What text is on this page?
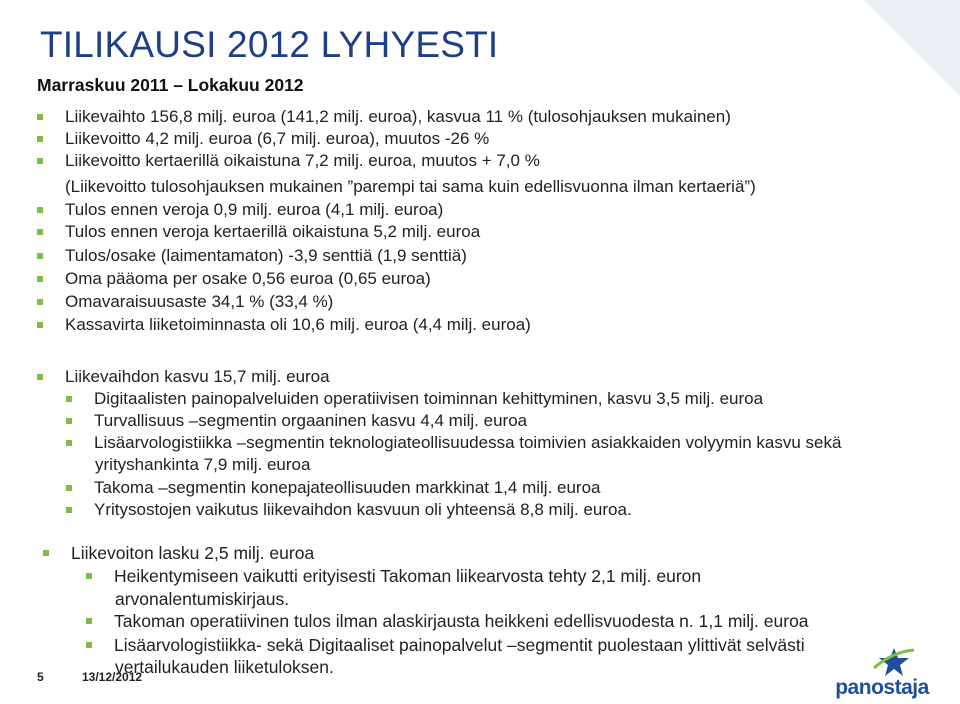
TILIKAUSI 2012 LYHYESTI
Marraskuu 2011 – Lokakuu 2012
Liikevaihto 156,8 milj. euroa (141,2 milj. euroa), kasvua 11 % (tulosohjauksen mukainen)
Liikevoitto 4,2 milj. euroa (6,7 milj. euroa), muutos -26 %
Liikevoitto kertaerillä oikaistuna 7,2 milj. euroa, muutos + 7,0 %
(Liikevoitto tulosohjauksen mukainen ”parempi tai sama kuin edellisvuonna ilman kertaeriä”)
Tulos ennen veroja 0,9 milj. euroa (4,1 milj. euroa)
Tulos ennen veroja kertaerillä oikaistuna 5,2 milj. euroa
Tulos/osake (laimentamaton) -3,9 senttiä (1,9 senttiä)
Oma pääoma per osake 0,56 euroa (0,65 euroa)
Omavaraisuusaste 34,1 % (33,4 %)
Kassavirta liiketoiminnasta oli 10,6 milj. euroa (4,4 milj. euroa)
Liikevaihdon kasvu 15,7 milj. euroa
Digitaalisten painopalveluiden operatiivisen toiminnan kehittyminen, kasvu 3,5 milj. euroa
Turvallisuus –segmentin orgaaninen kasvu 4,4 milj. euroa
Lisäarvologistiikka –segmentin teknologiateollisuudessa toimivien asiakkaiden volyymin kasvu sekä
yrityshankinta 7,9 milj. euroa
Takoma –segmentin konepajateollisuuden markkinat 1,4 milj. euroa
Yritysostojen vaikutus liikevaihdon kasvuun oli yhteensä 8,8 milj. euroa.
Liikevoiton lasku 2,5 milj. euroa
Heikentymiseen vaikutti erityisesti Takoman liikearvosta tehty 2,1 milj. euron
arvonalentumiskirjaus.
Takoman operatiivinen tulos ilman alaskirjausta heikkeni edellisvuodesta n. 1,1 milj. euroa
Lisäarvologistiikka- sekä Digitaaliset painopalvelut –segmentit puolestaan ylittivät selvästi
vertailukauden liiketuloksen.
5	13/12/2012	panostaja
